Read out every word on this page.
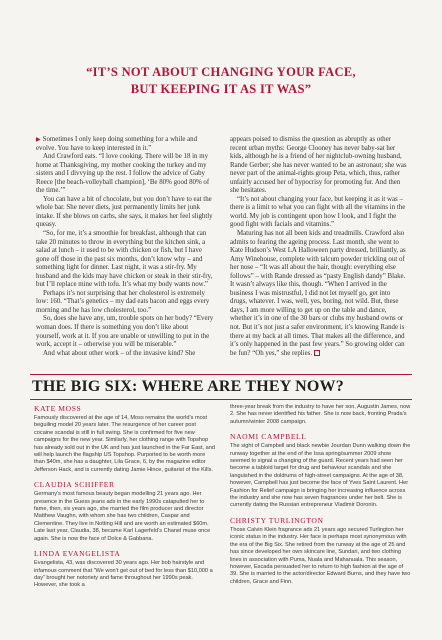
“IT’S NOT ABOUT CHANGING YOUR FACE,
BUT KEEPING IT AS IT WAS”

▶ Sometimes I only keep doing something for a while and evolve. You have to keep interested in it.”

And Crawford eats. “I love cooking. There will be 18 in my home at Thanksgiving, my mother cooking the turkey and my sisters and I divvying up the rest. I follow the advice of Gaby Reece [the beach-volleyball champion], ‘Be 80% good 80% of the time.’”

You can have a bit of chocolate, but you don’t have to eat the whole bar. She never diets, just permanently limits her junk intake. If she blows on carbs, she says, it makes her feel slightly queasy.

“So, for me, it’s a smoothie for breakfast, although that can take 20 minutes to throw in everything but the kitchen sink, a salad at lunch – it used to be with chicken or fish, but I have gone off those in the past six months, don’t know why – and something light for dinner. Last night, it was a stir-fry. My husband and the kids may have chicken or steak in their stir-fry, but I’ll replace mine with tofu. It’s what my body wants now.”

Perhaps it’s not surprising that her cholesterol is extremely low: 160. “That’s genetics – my dad eats bacon and eggs every morning and he has low cholesterol, too.”

So, does she have any, um, trouble spots on her body? “Every woman does. If there is something you don’t like about yourself, work at it. If you are unable or unwilling to put in the work, accept it – otherwise you will be miserable.”

And what about other work – of the invasive kind? She

appears poised to dismiss the question as abruptly as other recent urban myths: George Clooney has never baby-sat her kids, although he is a friend of her nightclub-owning husband, Rande Gerber; she has never wanted to be an astronaut; she was never part of the animal-rights group Peta, which, thus, rather unfairly accused her of hypocrisy for promoting fur. And then she hesitates.

“It’s not about changing your face, but keeping it as it was – there is a limit to what you can fight with all the vitamins in the world. My job is contingent upon how I look, and I fight the good fight with facials and vitamins.”

Maturing has not all been kids and treadmills. Crawford also admits to fearing the ageing process. Last month, she went to Kate Hudson’s West LA Halloween party dressed, brilliantly, as Amy Winehouse, complete with talcum powder trickling out of her nose – “It was all about the hair, though: everything else follows” – with Rande dressed as “pasty English dandy” Blake. It wasn’t always like this, though. “When I arrived in the business I was mistrustful, I did not let myself go, get into drugs, whatever. I was, well, yes, boring, not wild. But, these days, I am more willing to get up on the table and dance, whether it’s in one of the 30 bars or clubs my husband owns or not. But it’s not just a safer environment, it’s knowing Rande is there at my back at all times. That makes all the difference, and it’s only happened in the past few years.” So growing older can be fun? “Oh yes,” she replies.

THE BIG SIX: WHERE ARE THEY NOW?
KATE MOSS

Famously discovered at the age of 14, Moss remains the world’s most beguiling model 20 years later. The resurgence of her career post cocaine scandal is still in full swing. She is confirmed for five new campaigns for the new year. Similarly, her clothing range with Topshop has already sold out in the UK and has just launched in the Far East, and will help launch the flagship US Topshop. Purported to be worth more than $40m, she has a daughter, Lila Grace, 6, by the magazine editor Jefferson Hack, and is currently dating Jamie Hince, guitarist of the Kills.

CLAUDIA SCHIFFER

Germany’s most famous beauty began modelling 21 years ago. Her presence in the Guess jeans ads in the early 1990s catapulted her to fame, then, six years ago, she married the film producer and director Matthew Vaughn, with whom she has two children, Caspar and Clementine. They live in Notting Hill and are worth an estimated $60m. Late last year, Claudia, 38, became Karl Lagerfeld’s Chanel muse once again. She is now the face of Dolce & Gabbana.

LINDA EVANGELISTA

Evangelista, 43, was discovered 30 years ago. Her bob hairstyle and infamous comment that “We won’t get out of bed for less than $10,000 a day” brought her notoriety and fame throughout her 1990s peak. However, she took a

three-year break from the industry to have her son, Augustin James, now 2. She has never identified his father. She is now back, fronting Prada’s autumn/winter 2008 campaign.

NAOMI CAMPBELL

The sight of Campbell and black newbie Jourdan Dunn walking down the runway together at the end of the Issa spring/summer 2009 show seemed to signal a changing of the guard. Recent years had seen her become a tabloid target for drug and behaviour scandals and she languished in the doldrums of high-street campaigns. At the age of 38, however, Campbell has just become the face of Yves Saint Laurent. Her Fashion for Relief campaign is bringing her increasing influence across the industry and she now has seven fragrances under her belt. She is currently dating the Russian entrepreneur Vladimir Doronin.

CHRISTY TURLINGTON

Those Calvin Klein fragrance ads 21 years ago secured Turlington her iconic status in the industry. Her face is perhaps most synonymous with the era of the Big Six. She retired from the runway at the age of 25 and has since developed her own skincare line, Sundari, and two clothing lines in association with Puma, Nuala and Mahanuala. This season, however, Escada persuaded her to return to high fashion at the age of 39. She is married to the actor/director Edward Burns, and they have two children, Grace and Finn.
